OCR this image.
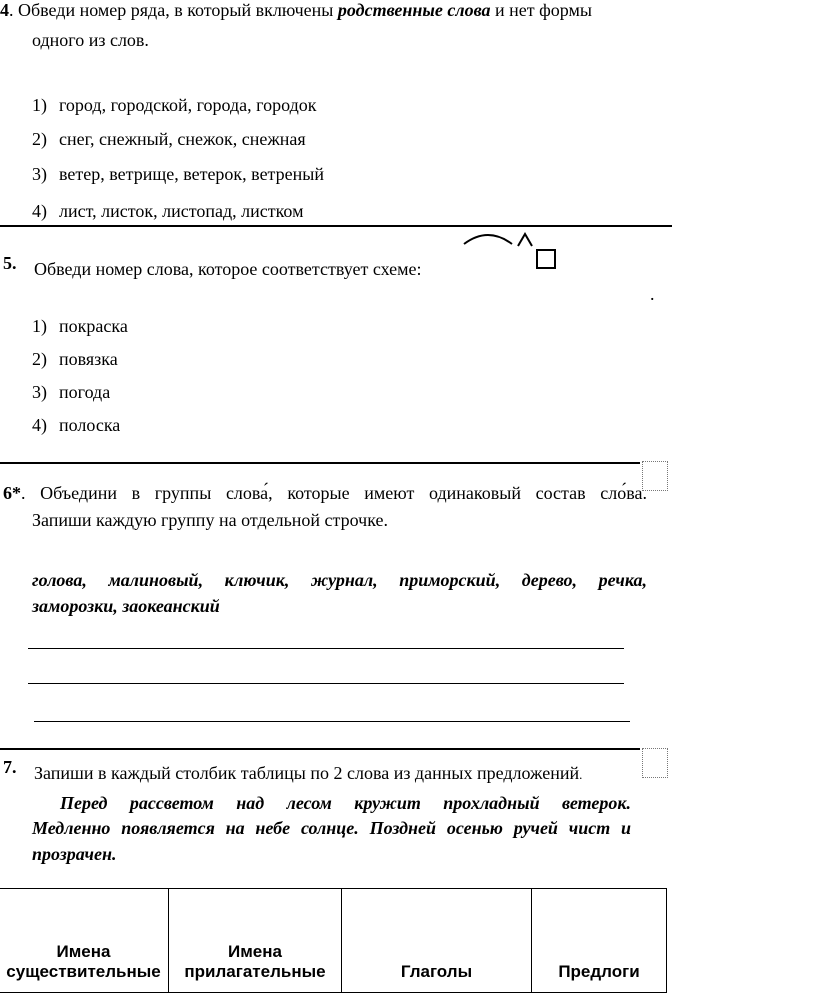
4. Обведи номер ряда, в который включены родственные слова и нет формы
одного из слов.
1) город, городской, города, городок
2) снег, снежный, снежок, снежная
3) ветер, ветрище, ветерок, ветреный
4) лист, листок, листопад, листком
5. Обведи номер слова, которое соответствует схеме:
.
1) покраска
2) повязка
3) погода
4) полоска
6* . Объедини в группы слова́, которые имеют одинаковый состав сло́ва.
Запиши каждую группу на отдельной строчке.
голова, малиновый, ключик, журнал, приморский, дерево, речка,
заморозки, заокеанский
7. Запиши в каждый столбик таблицы по 2 слова из данных предложений.
Перед рассветом над лесом кружит прохладный ветерок.
Медленно появляется на небе солнце. Поздней осенью ручей чист и
прозрачен.
Имена
существительные	Имена
прилагательные	Глаголы	Предлоги
